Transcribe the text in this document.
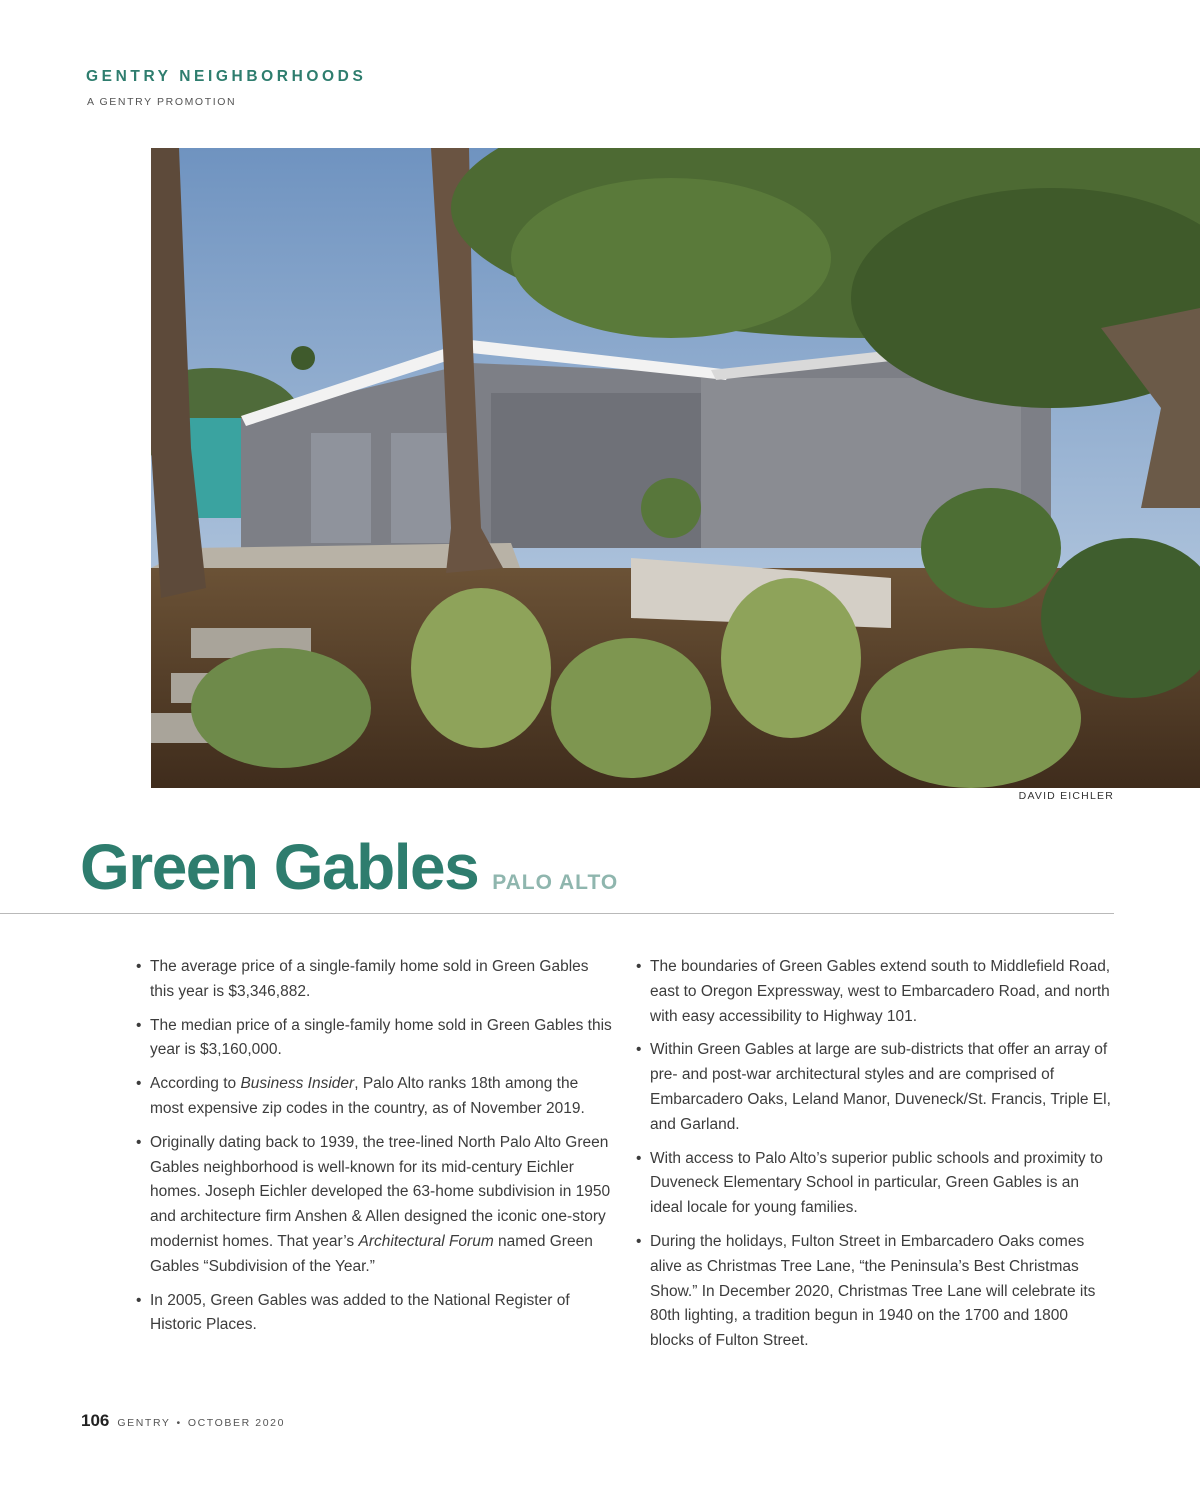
GENTRY NEIGHBORHOODS

A GENTRY PROMOTION

DAVID EICHLER

Green Gables PALO ALTO
• The average price of a single-family home sold in Green Gables this year is $3,346,882.
• The median price of a single-family home sold in Green Gables this year is $3,160,000.
• According to Business Insider, Palo Alto ranks 18th among the most expensive zip codes in the country, as of November 2019.
• Originally dating back to 1939, the tree-lined North Palo Alto Green Gables neighborhood is well-known for its mid-century Eichler homes. Joseph Eichler developed the 63-home subdivision in 1950 and architecture firm Anshen & Allen designed the iconic one-story modernist homes. That year’s Architectural Forum named Green Gables “Subdivision of the Year.”
• In 2005, Green Gables was added to the National Register of Historic Places.
• The boundaries of Green Gables extend south to Middlefield Road, east to Oregon Expressway, west to Embarcadero Road, and north with easy accessibility to Highway 101.
• Within Green Gables at large are sub-districts that offer an array of pre- and post-war architectural styles and are comprised of Embarcadero Oaks, Leland Manor, Duveneck/St. Francis, Triple El, and Garland.
• With access to Palo Alto’s superior public schools and proximity to Duveneck Elementary School in particular, Green Gables is an ideal locale for young families.
• During the holidays, Fulton Street in Embarcadero Oaks comes alive as Christmas Tree Lane, “the Peninsula’s Best Christmas Show.” In December 2020, Christmas Tree Lane will celebrate its 80th lighting, a tradition begun in 1940 on the 1700 and 1800 blocks of Fulton Street.
106 GENTRY • OCTOBER 2020
